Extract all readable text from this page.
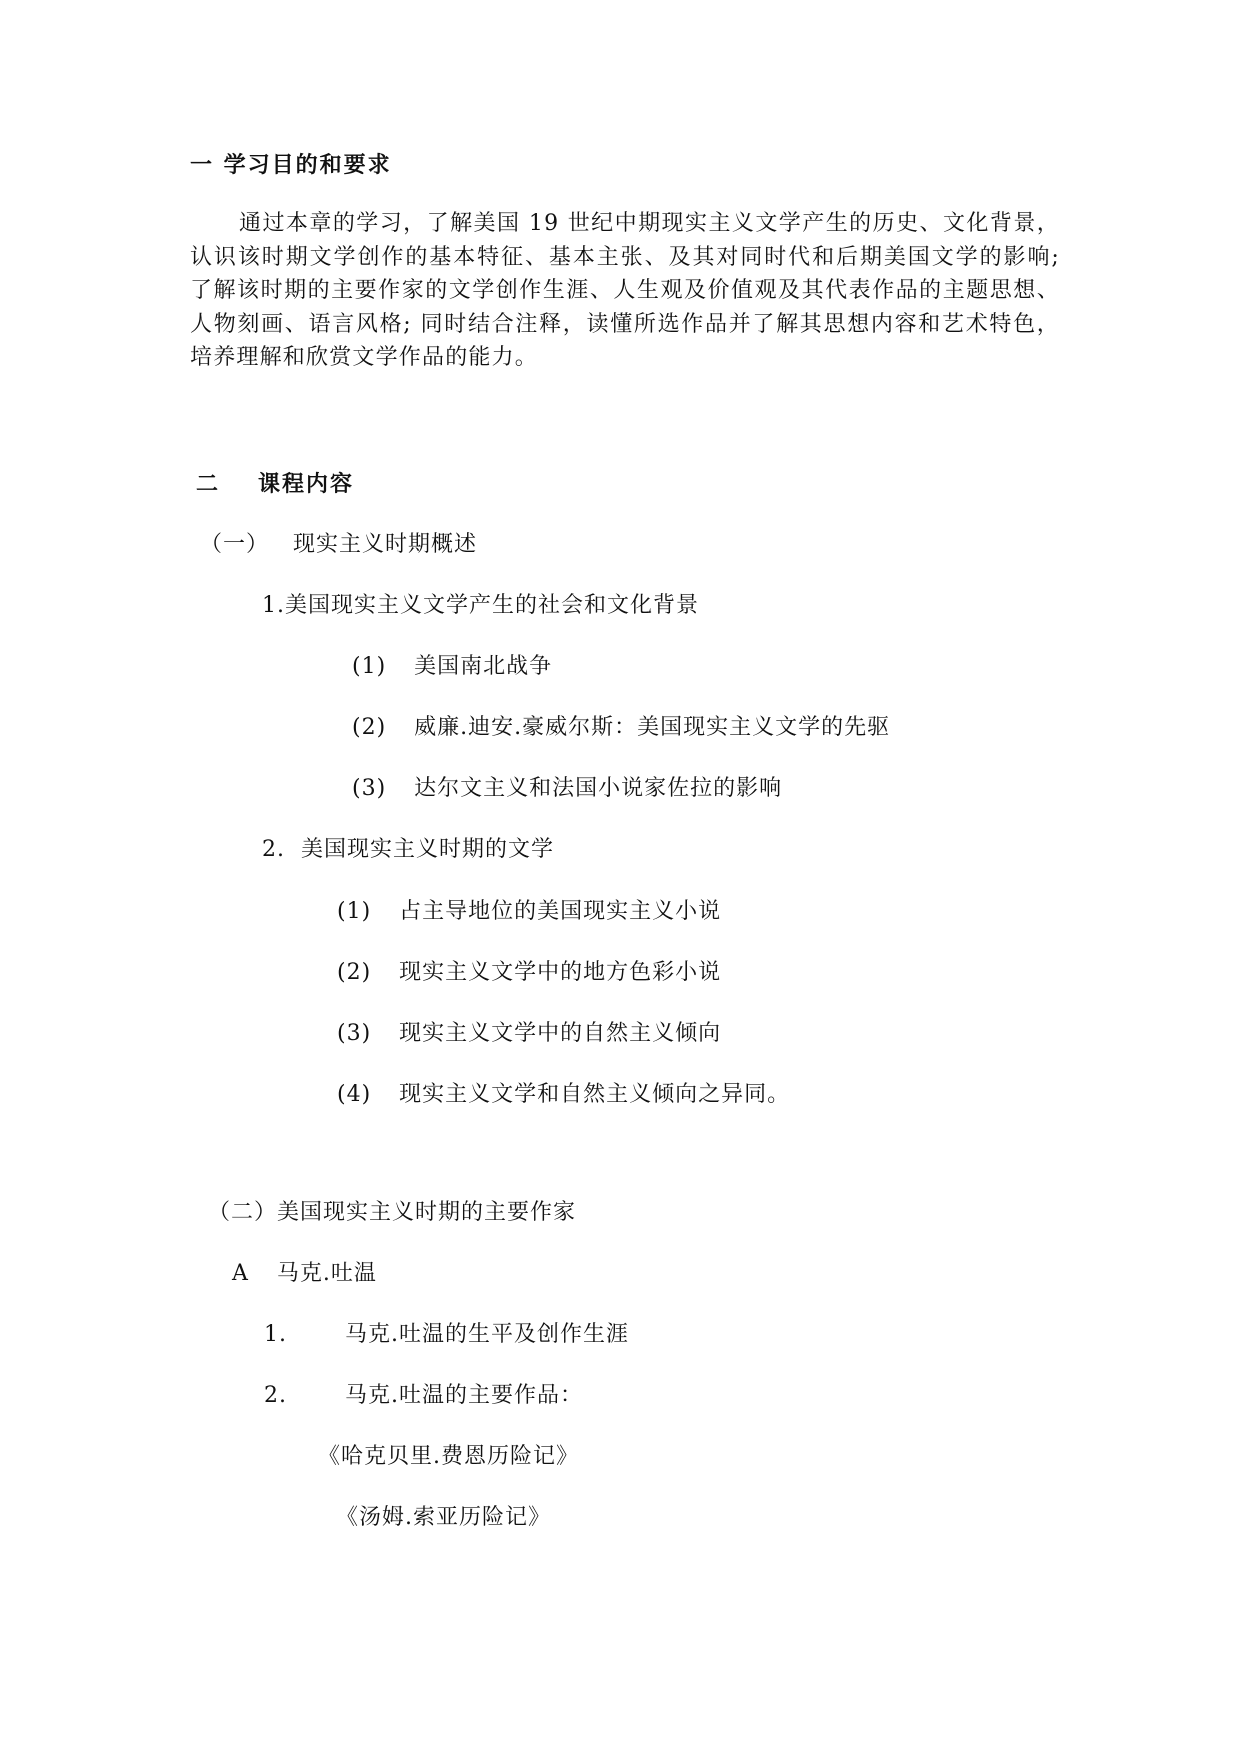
一 学习目的和要求
通过本章的学习，了解美国 19 世纪中期现实主义文学产生的历史、文化背景，认识该时期文学创作的基本特征、基本主张、及其对同时代和后期美国文学的影响; 了解该时期的主要作家的文学创作生涯、人生观及价值观及其代表作品的主题思想、人物刻画、语言风格; 同时结合注释，读懂所选作品并了解其思想内容和艺术特色，培养理解和欣赏文学作品的能力。
二 课程内容
（一） 现实主义时期概述
1.美国现实主义文学产生的社会和文化背景
(1) 美国南北战争
(2) 威廉.迪安.豪威尔斯：美国现实主义文学的先驱
(3) 达尔文主义和法国小说家佐拉的影响
2. 美国现实主义时期的文学
(1) 占主导地位的美国现实主义小说
(2) 现实主义文学中的地方色彩小说
(3) 现实主义文学中的自然主义倾向
(4) 现实主义文学和自然主义倾向之异同。
（二）美国现实主义时期的主要作家
A 马克.吐温
1.	马克.吐温的生平及创作生涯
2.	马克.吐温的主要作品：
《哈克贝里.费恩历险记》
《汤姆.索亚历险记》
